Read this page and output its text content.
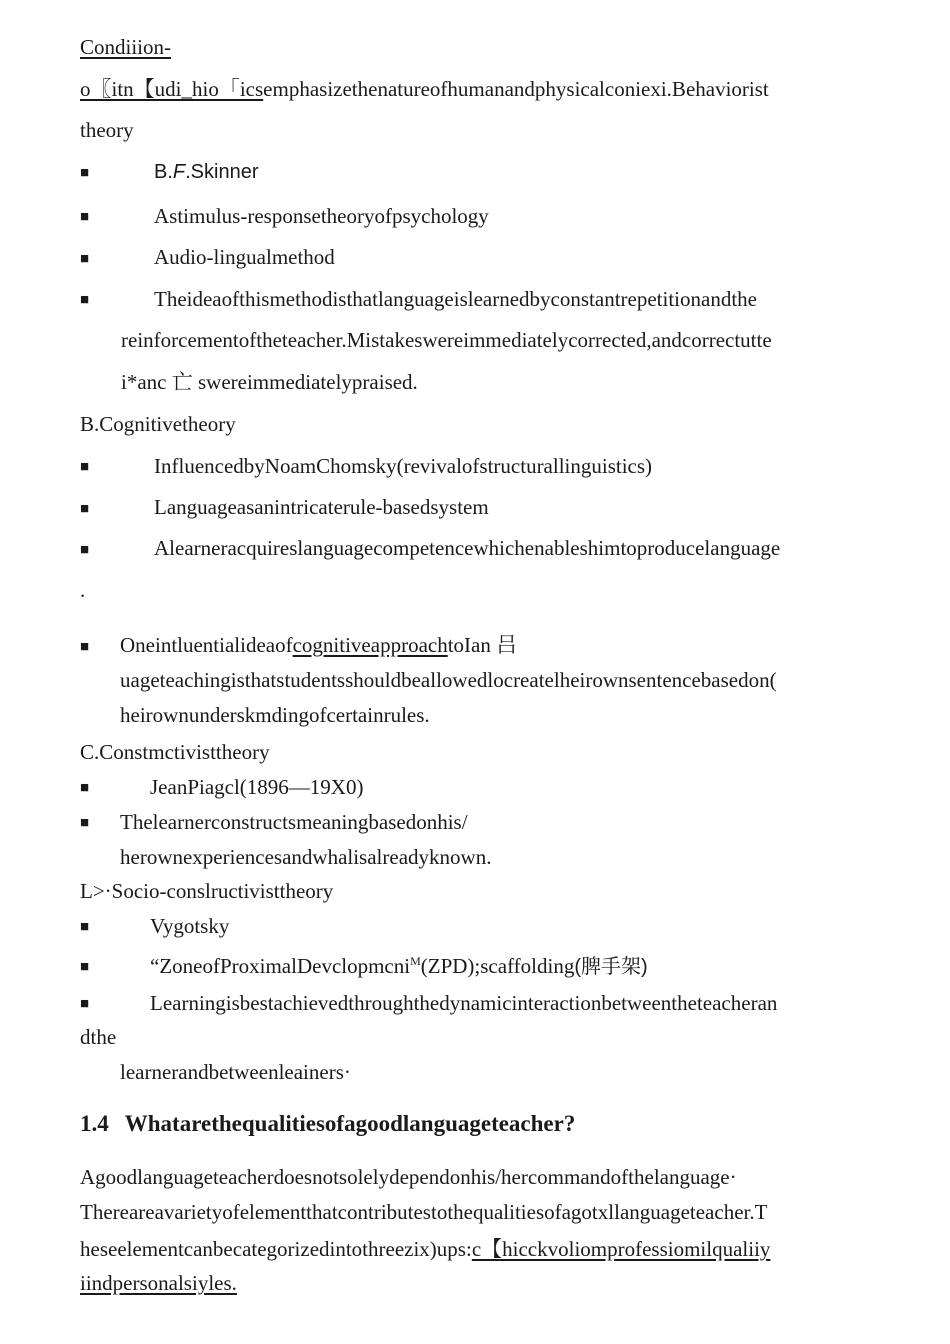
Condiiion-
o〖itn【udi_hio「icsemphasizethenatureofhumanandphysicalconiexi.Behaviorist
theory
■	B.F.Skinner
■	Astimulus-responsetheoryofpsychology
■	Audio-lingualmethod
■	Theideaofthismethodisthatlanguageislearnedbyconstantrepetitionandthe
reinforcementoftheteacher.Mistakeswereimmediatelycorrected,andcorrectutte
i*anc 亡 swereimmediatelypraised.
B.Cognitivetheory
■	InfluencedbyNoamChomsky(revivalofstructurallinguistics)
■	Languageasanintricaterule-basedsystem
■	Alearneracquireslanguagecompetencewhichenableshimtoproducelanguage
.
■ OneintluentialideaofcognitiveapproachtoIan 吕
uageteachingisthatstudentsshouldbeallowedlocreatelheirownsentencebasedon(
heirownunderskmdingofcertainrules.
C.Constmctivisttheory
■	JeanPiagcl(1896—19X0)
■ Thelearnerconstructsmeaningbasedonhis/
herownexperiencesandwhalisalreadyknown.
L>·Socio-conslructivisttheory
■	Vygotsky
■	“ZoneofProximalDevclopmcni$^M$(ZPD);scaffolding(脾手架)
■	Learningisbestachievedthroughthedynamicinteractionbetweentheteacheran
dthe
learnerandbetweenleainers·
1.4 Whatarethequalitiesofagoodlanguageteacher?
Agoodlanguageteacherdoesnotsolelydependonhis/hercommandofthelanguage·
Thereareavarietyofelementthatcontributestothequalitiesofagotxllanguageteacher.T
heseelementcanbecategorizedintothreezix)ups:c【hicckvoliomprofessiomilqualiiy
iindpersonalsiyles.
